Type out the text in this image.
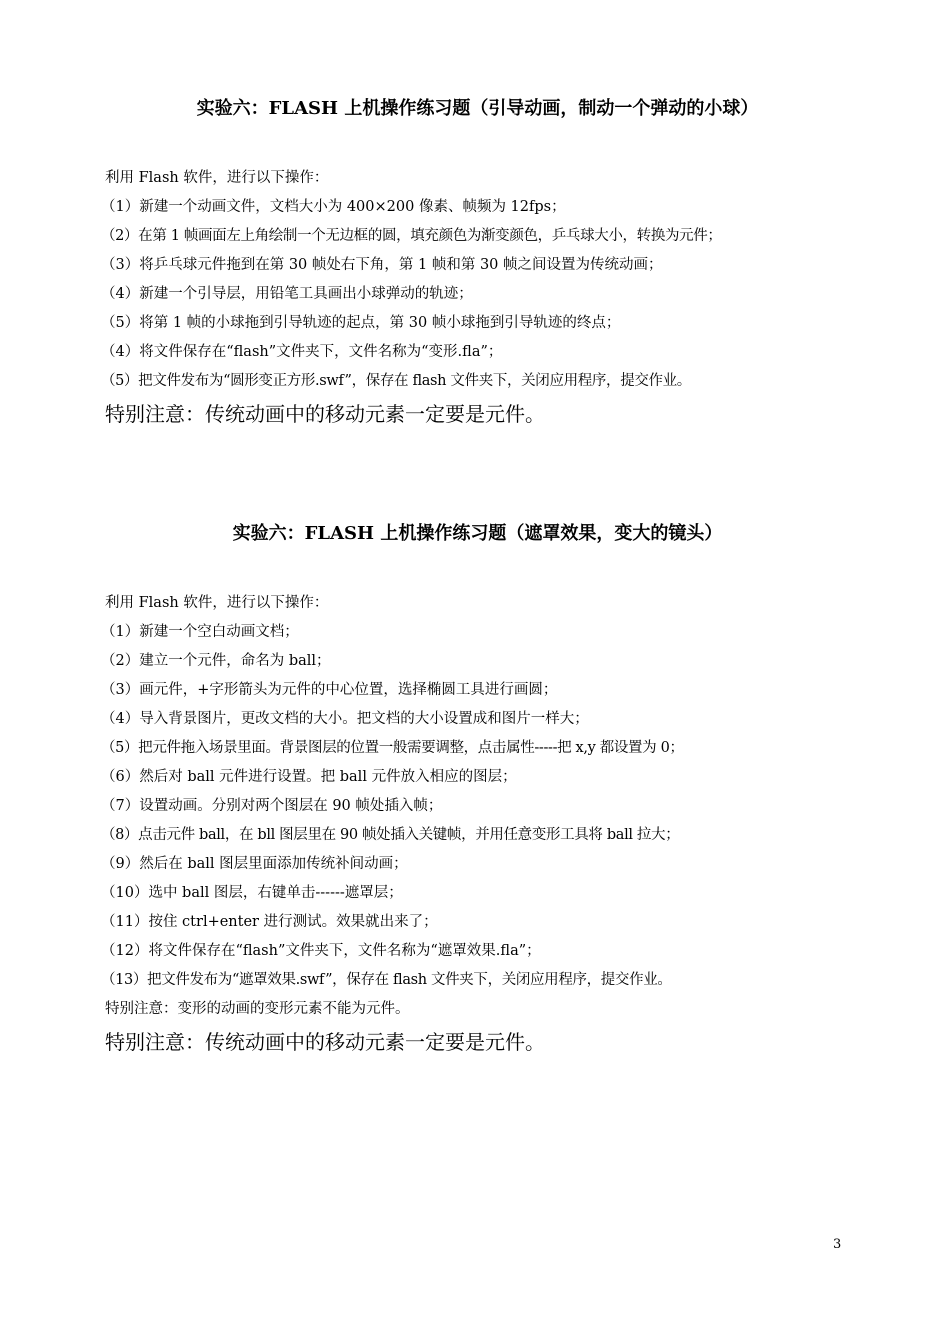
实验六：FLASH 上机操作练习题（引导动画，制动一个弹动的小球）
利用 Flash 软件，进行以下操作：
（1）新建一个动画文件，文档大小为 400×200 像素、帧频为 12fps；
（2）在第 1 帧画面左上角绘制一个无边框的圆，填充颜色为渐变颜色，乒乓球大小，转换为元件；
（3）将乒乓球元件拖到在第 30 帧处右下角，第 1 帧和第 30 帧之间设置为传统动画；
（4）新建一个引导层，用铅笔工具画出小球弹动的轨迹；
（5）将第 1 帧的小球拖到引导轨迹的起点，第 30 帧小球拖到引导轨迹的终点；
（4）将文件保存在“flash”文件夹下，文件名称为“变形.fla”；
（5）把文件发布为“圆形变正方形.swf”，保存在 flash 文件夹下，关闭应用程序，提交作业。
特别注意：传统动画中的移动元素一定要是元件。
实验六：FLASH 上机操作练习题（遮罩效果，变大的镜头）
利用 Flash 软件，进行以下操作：
（1）新建一个空白动画文档；
（2）建立一个元件，命名为 ball；
（3）画元件，+字形箭头为元件的中心位置，选择椭圆工具进行画圆；
（4）导入背景图片，更改文档的大小。把文档的大小设置成和图片一样大；
（5）把元件拖入场景里面。背景图层的位置一般需要调整，点击属性-----把 x,y 都设置为 0；
（6）然后对 ball 元件进行设置。把 ball 元件放入相应的图层；
（7）设置动画。分别对两个图层在 90 帧处插入帧；
（8）点击元件 ball，在 bll 图层里在 90 帧处插入关键帧，并用任意变形工具将 ball 拉大；
（9）然后在 ball 图层里面添加传统补间动画；
（10）选中 ball 图层，右键单击------遮罩层；
（11）按住 ctrl+enter 进行测试。效果就出来了；
（12）将文件保存在“flash”文件夹下，文件名称为“遮罩效果.fla”；
（13）把文件发布为“遮罩效果.swf”，保存在 flash 文件夹下，关闭应用程序，提交作业。
特别注意：变形的动画的变形元素不能为元件。
特别注意：传统动画中的移动元素一定要是元件。
3
